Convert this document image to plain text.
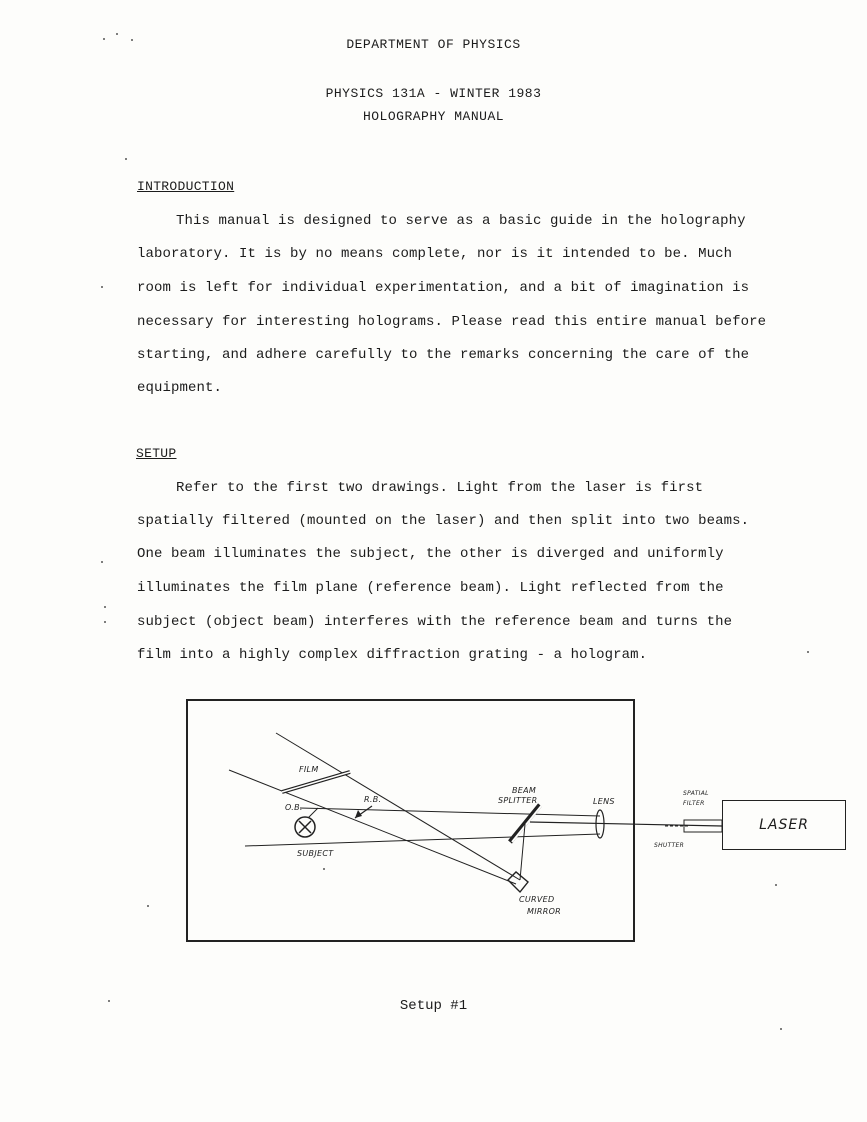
DEPARTMENT OF PHYSICS
PHYSICS 131A - WINTER 1983
HOLOGRAPHY MANUAL
INTRODUCTION
This manual is designed to serve as a basic guide in the holography
laboratory. It is by no means complete, nor is it intended to be. Much
room is left for individual experimentation, and a bit of imagination is
necessary for interesting holograms. Please read this entire manual before
starting, and adhere carefully to the remarks concerning the care of the
equipment.
SETUP
Refer to the first two drawings. Light from the laser is first
spatially filtered (mounted on the laser) and then split into two beams.
One beam illuminates the subject, the other is diverged and uniformly
illuminates the film plane (reference beam). Light reflected from the
subject (object beam) interferes with the reference beam and turns the
film into a highly complex diffraction grating - a hologram.
LASER
FILM
R.B.
O.B.
SUBJECT
BEAM
SPLITTER	LENS
SPATIAL
FILTER
SHUTTER
CURVED
MIRROR
Setup #1
